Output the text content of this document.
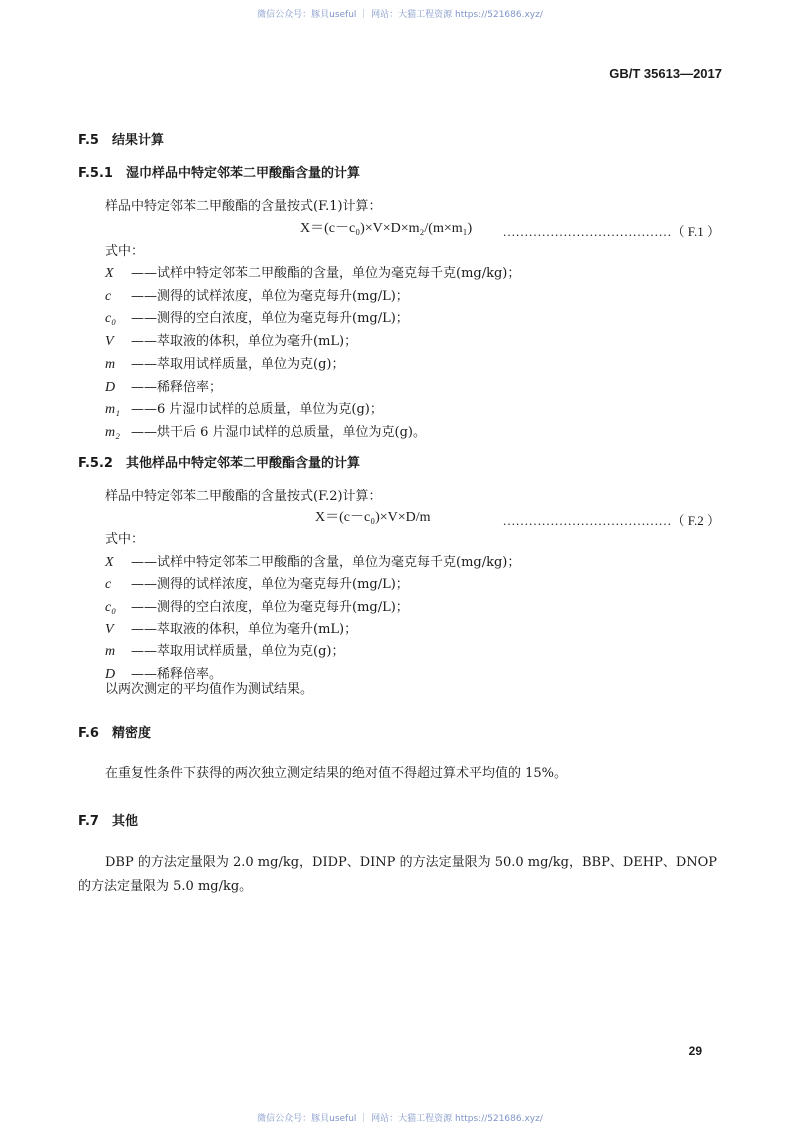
微信公众号：豚貝useful ｜ 网站：大猫工程资源 https://521686.xyz/
GB/T 35613—2017
F.5　结果计算
F.5.1　湿巾样品中特定邻苯二甲酸酯含量的计算
样品中特定邻苯二甲酸酯的含量按式(F.1)计算：
X＝(c－c₀)×V×D×m₂/(m×m₁) …………………………………（ F.1 ）
式中：
X ——试样中特定邻苯二甲酸酯的含量，单位为毫克每千克(mg/kg)；
c ——测得的试样浓度，单位为毫克每升(mg/L)；
c₀ ——测得的空白浓度，单位为毫克每升(mg/L)；
V ——萃取液的体积，单位为毫升(mL)；
m ——萃取用试样质量，单位为克(g)；
D ——稀释倍率；
m₁ ——6 片湿巾试样的总质量，单位为克(g)；
m₂ ——烘干后 6 片湿巾试样的总质量，单位为克(g)。
F.5.2　其他样品中特定邻苯二甲酸酯含量的计算
样品中特定邻苯二甲酸酯的含量按式(F.2)计算：
X＝(c－c₀)×V×D/m	…………………………………（ F.2 ）
式中：
X ——试样中特定邻苯二甲酸酯的含量，单位为毫克每千克(mg/kg)；
c ——测得的试样浓度，单位为毫克每升(mg/L)；
c₀ ——测得的空白浓度，单位为毫克每升(mg/L)；
V ——萃取液的体积，单位为毫升(mL)；
m ——萃取用试样质量，单位为克(g)；
D ——稀释倍率。
以两次测定的平均值作为测试结果。
F.6　精密度
在重复性条件下获得的两次独立测定结果的绝对值不得超过算术平均值的 15%。
F.7　其他
DBP 的方法定量限为 2.0 mg/kg，DIDP、DINP 的方法定量限为 50.0 mg/kg，BBP、DEHP、DNOP
的方法定量限为 5.0 mg/kg。
29
微信公众号：豚貝useful ｜ 网站：大猫工程资源 https://521686.xyz/
